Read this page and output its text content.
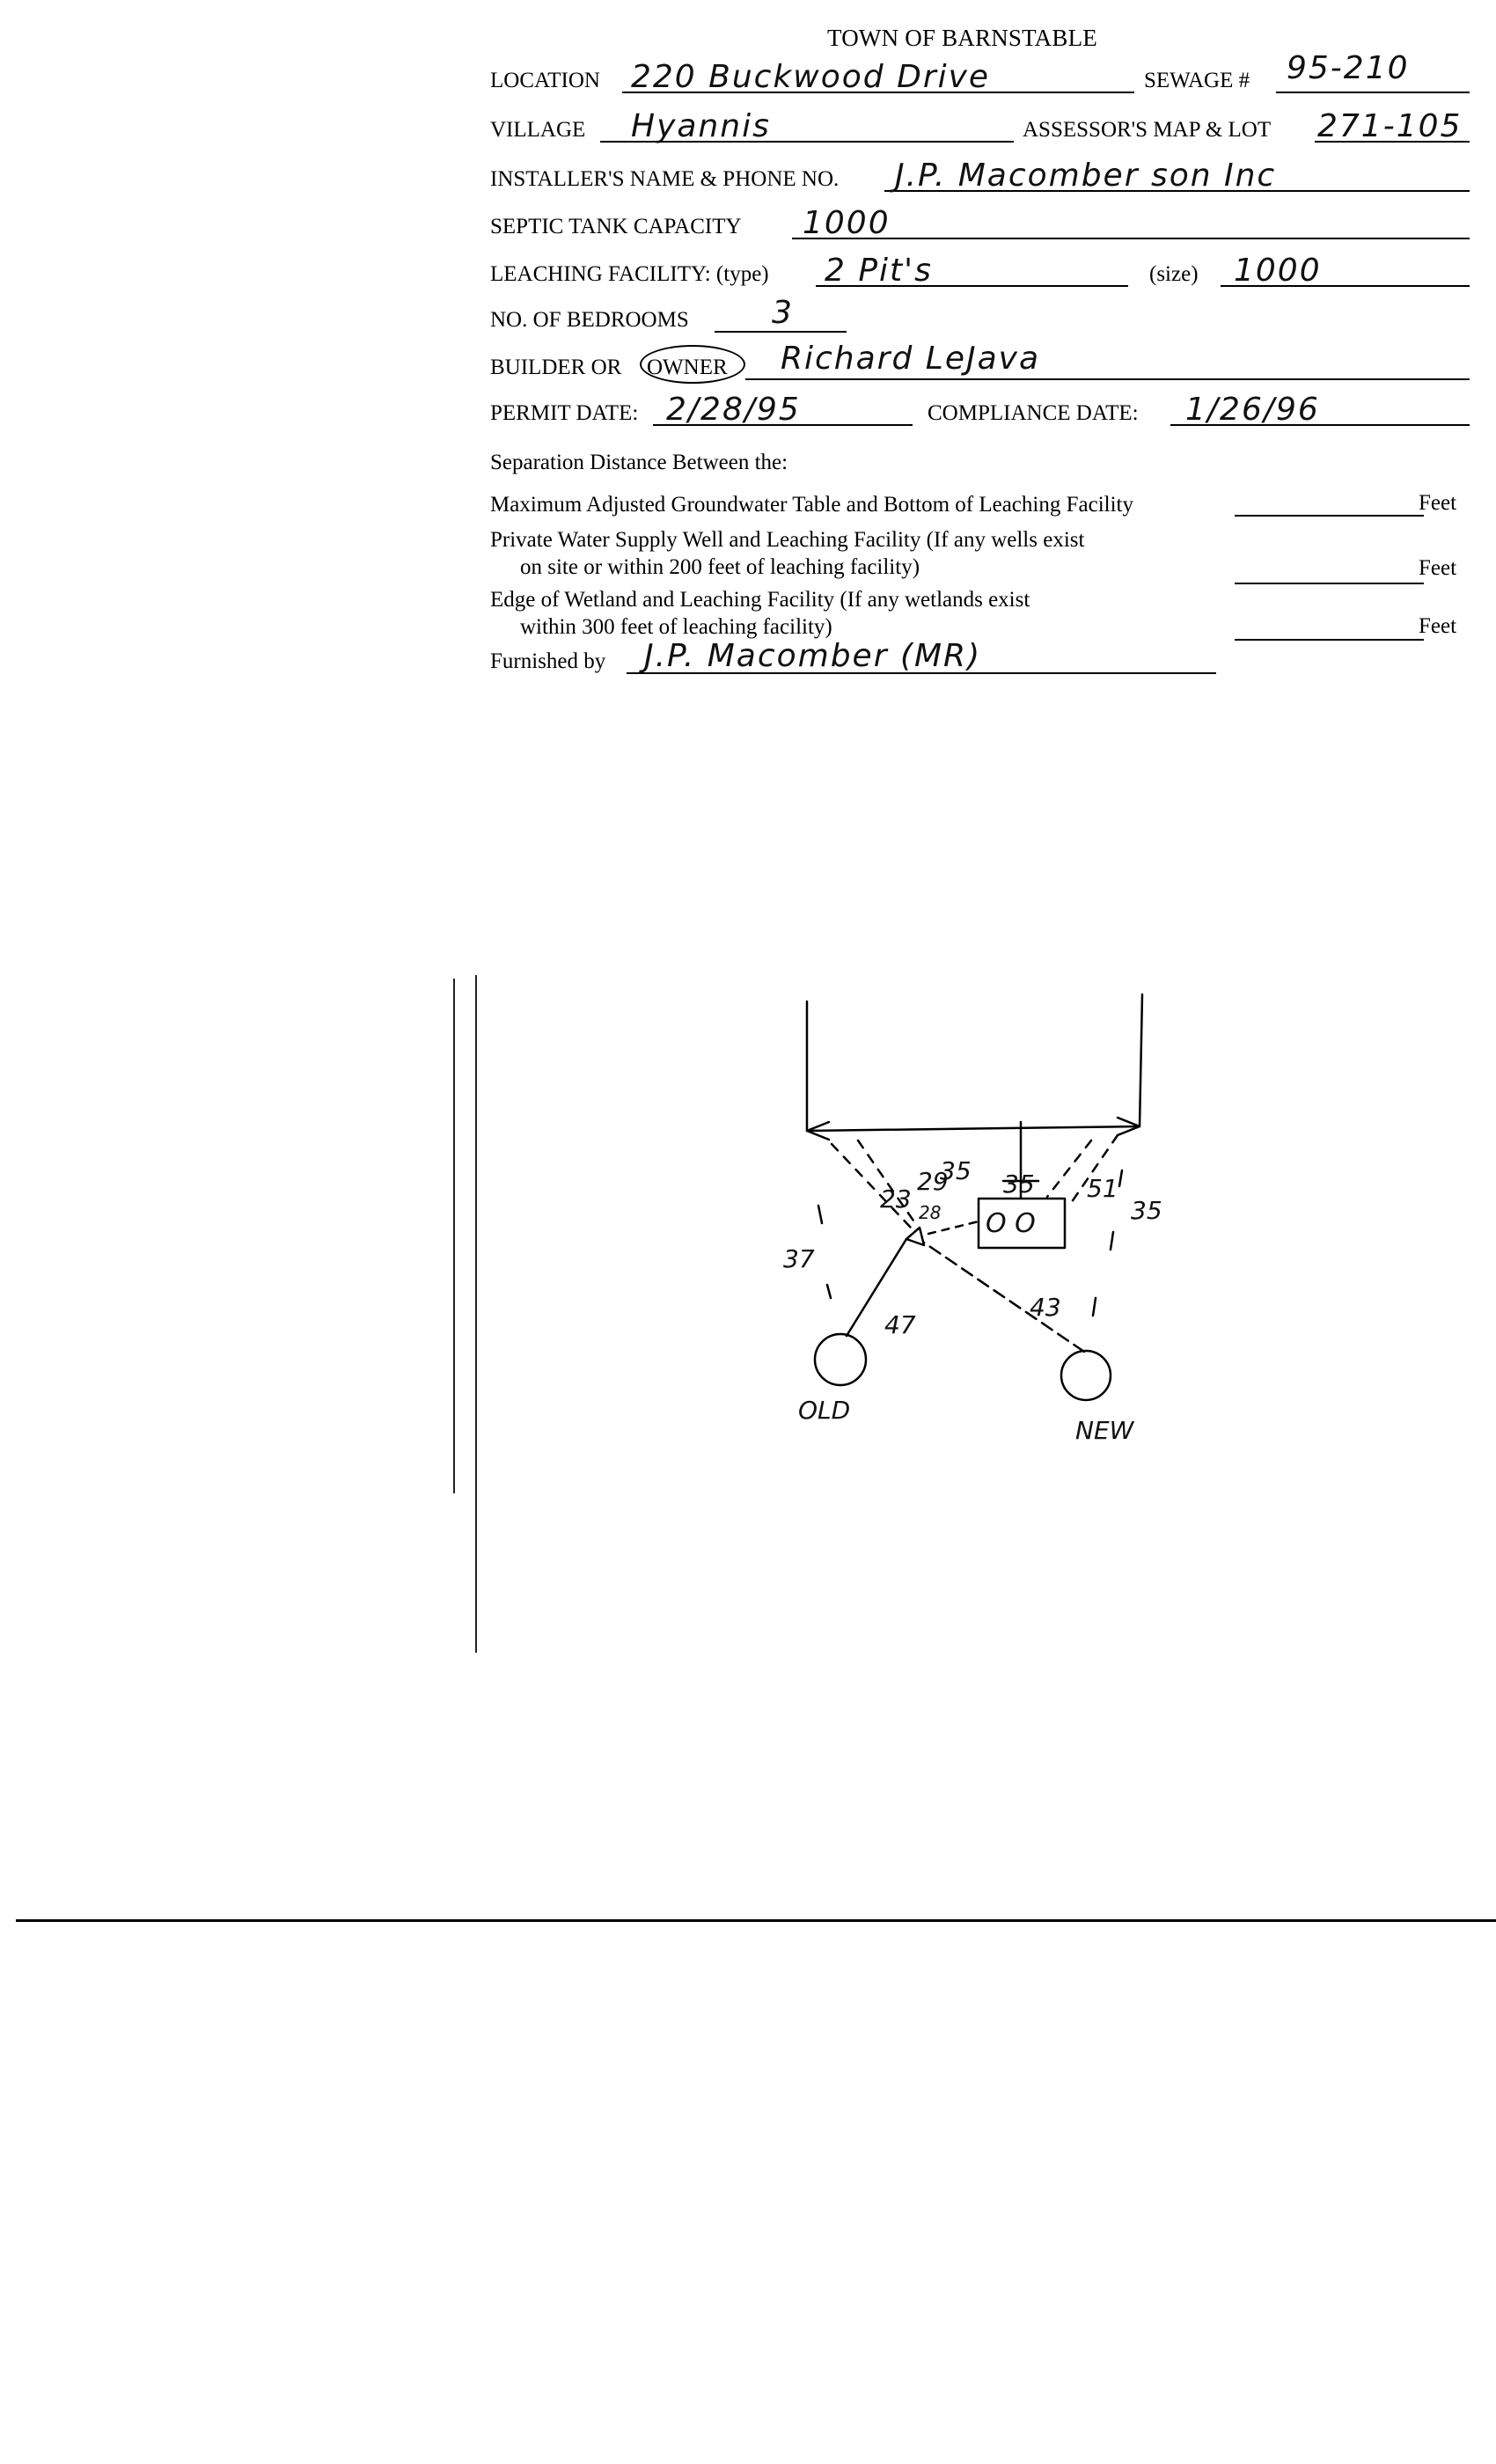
TOWN OF BARNSTABLE
LOCATION 220 Buckwood Drive	SEWAGE # 95-210
VILLAGE Hyannis	ASSESSOR'S MAP & LOT 271-105
INSTALLER'S NAME & PHONE NO. J.P. Macomber son Inc
SEPTIC TANK CAPACITY 1000
LEACHING FACILITY: (type) 2 Pit's	(size) 1000
NO. OF BEDROOMS	3
BUILDER OR OWNER Richard LeJava
PERMIT DATE: 2/28/95	COMPLIANCE DATE: 1/26/96
Separation Distance Between the:
Maximum Adjusted Groundwater Table and Bottom of Leaching Facility	Feet
Private Water Supply Well and Leaching Facility (If any wells exist
on site or within 200 feet of leaching facility)	Feet
Edge of Wetland and Leaching Facility (If any wetlands exist
within 300 feet of leaching facility)	Feet
Furnished by J.P. Macomber (MR)
23
29
35
28
35 51
35
37
47
43
O O
OLD
NEW
